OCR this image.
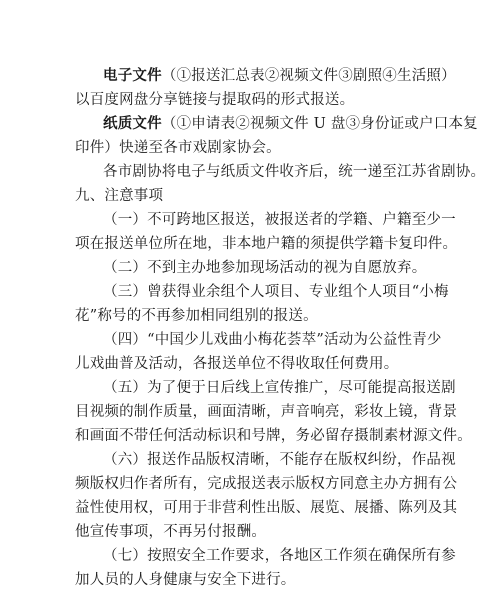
电子文件（①报送汇总表②视频文件③剧照④生活照）
以百度网盘分享链接与提取码的形式报送。
纸质文件（①申请表②视频文件 U 盘③身份证或户口本复
印件）快递至各市戏剧家协会。
各市剧协将电子与纸质文件收齐后，统一递至江苏省剧协。
九、注意事项
（一）不可跨地区报送，被报送者的学籍、户籍至少一
项在报送单位所在地，非本地户籍的须提供学籍卡复印件。
（二）不到主办地参加现场活动的视为自愿放弃。
（三）曾获得业余组个人项目、专业组个人项目“小梅
花”称号的不再参加相同组别的报送。
（四）“中国少儿戏曲小梅花荟萃”活动为公益性青少
儿戏曲普及活动，各报送单位不得收取任何费用。
（五）为了便于日后线上宣传推广，尽可能提高报送剧
目视频的制作质量，画面清晰，声音响亮，彩妆上镜，背景
和画面不带任何活动标识和号牌，务必留存摄制素材源文件。
（六）报送作品版权清晰，不能存在版权纠纷，作品视
频版权归作者所有，完成报送表示版权方同意主办方拥有公
益性使用权，可用于非营利性出版、展览、展播、陈列及其
他宣传事项，不再另付报酬。
（七）按照安全工作要求，各地区工作须在确保所有参
加人员的人身健康与安全下进行。
